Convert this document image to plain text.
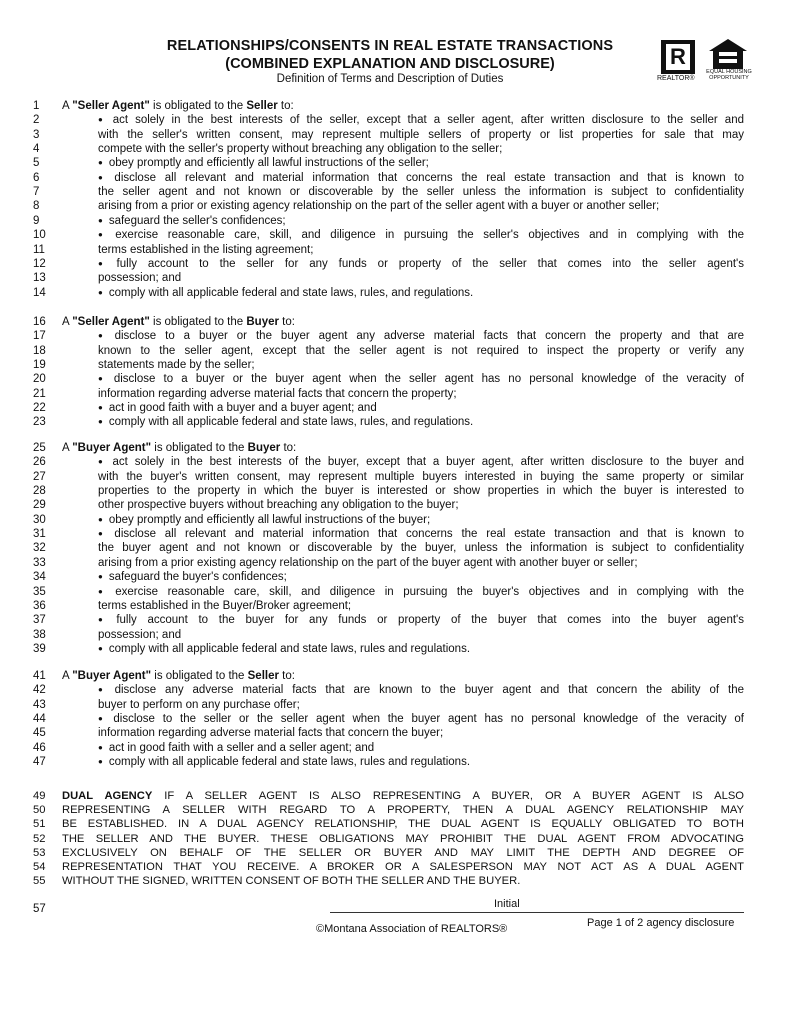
RELATIONSHIPS/CONSENTS IN REAL ESTATE TRANSACTIONS
(COMBINED EXPLANATION AND DISCLOSURE)
Definition of Terms and Description of Duties
R
REALTOR®
EQUAL HOUSING
OPPORTUNITY
1	A "Seller Agent" is obligated to the Seller to:
2 ●	act solely in the best interests of the seller, except that a seller agent, after written disclosure to the seller and
3	with the seller's written consent, may represent multiple sellers of property or list properties for sale that may
4	compete with the seller's property without breaching any obligation to the seller;
5 ●	obey promptly and efficiently all lawful instructions of the seller;
6 ●	disclose all relevant and material information that concerns the real estate transaction and that is known to
7	the seller agent and not known or discoverable by the seller unless the information is subject to confidentiality
8	arising from a prior or existing agency relationship on the part of the seller agent with a buyer or another seller;
9 ●	safeguard the seller's confidences;
10 ●	exercise reasonable care, skill, and diligence in pursuing the seller's objectives and in complying with the
11	terms established in the listing agreement;
12 ●	fully account to the seller for any funds or property of the seller that comes into the seller agent's
13	possession; and
14 ●	comply with all applicable federal and state laws, rules, and regulations.
16	A "Seller Agent" is obligated to the Buyer to:
17 ●	disclose to a buyer or the buyer agent any adverse material facts that concern the property and that are
18	known to the seller agent, except that the seller agent is not required to inspect the property or verify any
19	statements made by the seller;
20 ●	disclose to a buyer or the buyer agent when the seller agent has no personal knowledge of the veracity of
21	information regarding adverse material facts that concern the property;
22 ●	act in good faith with a buyer and a buyer agent; and
23 ●	comply with all applicable federal and state laws, rules, and regulations.
25	A "Buyer Agent" is obligated to the Buyer to:
26 ●	act solely in the best interests of the buyer, except that a buyer agent, after written disclosure to the buyer and
27	with the buyer's written consent, may represent multiple buyers interested in buying the same property or similar
28	properties to the property in which the buyer is interested or show properties in which the buyer is interested to
29	other prospective buyers without breaching any obligation to the buyer;
30 ●	obey promptly and efficiently all lawful instructions of the buyer;
31 ●	disclose all relevant and material information that concerns the real estate transaction and that is known to
32	the buyer agent and not known or discoverable by the buyer, unless the information is subject to confidentiality
33	arising from a prior existing agency relationship on the part of the buyer agent with another buyer or seller;
34 ●	safeguard the buyer's confidences;
35 ●	exercise reasonable care, skill, and diligence in pursuing the buyer's objectives and in complying with the
36	terms established in the Buyer/Broker agreement;
37 ●	fully account to the buyer for any funds or property of the buyer that comes into the buyer agent's
38	possession; and
39 ●	comply with all applicable federal and state laws, rules and regulations.
41	A "Buyer Agent" is obligated to the Seller to:
42 ●	disclose any adverse material facts that are known to the buyer agent and that concern the ability of the
43	buyer to perform on any purchase offer;
44 ●	disclose to the seller or the seller agent when the buyer agent has no personal knowledge of the veracity of
45	information regarding adverse material facts that concern the buyer;
46 ●	act in good faith with a seller and a seller agent; and
47 ●	comply with all applicable federal and state laws, rules and regulations.
49	DUAL AGENCY IF A SELLER AGENT IS ALSO REPRESENTING A BUYER, OR A BUYER AGENT IS ALSO
50	REPRESENTING A SELLER WITH REGARD TO A PROPERTY, THEN A DUAL AGENCY RELATIONSHIP MAY
51	BE ESTABLISHED. IN A DUAL AGENCY RELATIONSHIP, THE DUAL AGENT IS EQUALLY OBLIGATED TO BOTH
52	THE SELLER AND THE BUYER. THESE OBLIGATIONS MAY PROHIBIT THE DUAL AGENT FROM ADVOCATING
53	EXCLUSIVELY ON BEHALF OF THE SELLER OR BUYER AND MAY LIMIT THE DEPTH AND DEGREE OF
54	REPRESENTATION THAT YOU RECEIVE. A BROKER OR A SALESPERSON MAY NOT ACT AS A DUAL AGENT
55	WITHOUT THE SIGNED, WRITTEN CONSENT OF BOTH THE SELLER AND THE BUYER.
57	Initial
©Montana Association of REALTORS®	Page 1 of 2 agency disclosure
